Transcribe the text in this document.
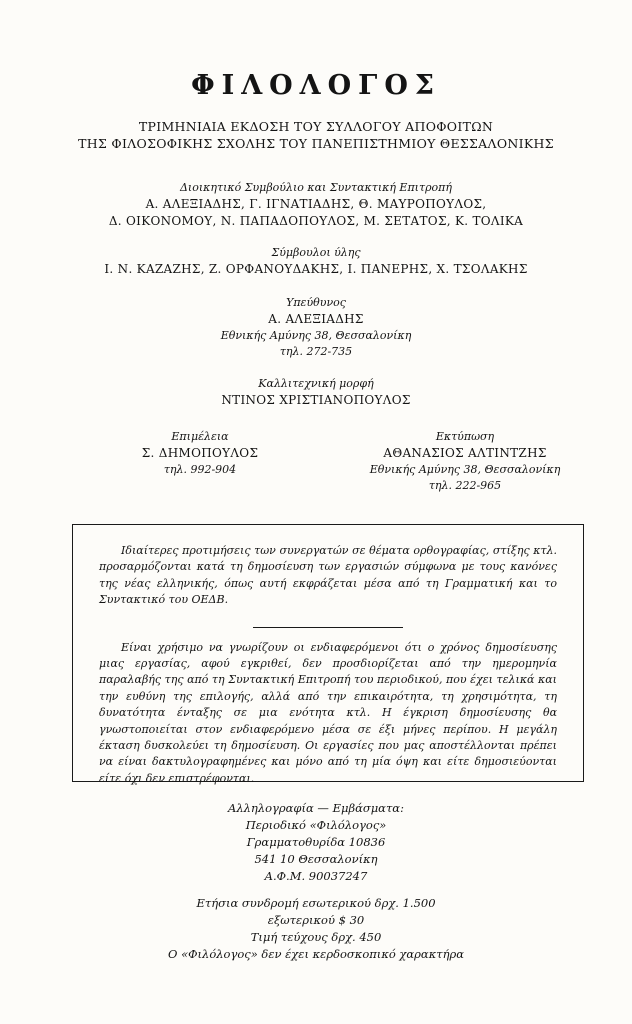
ΦΙΛΟΛΟΓΟΣ
ΤΡΙΜΗΝΙΑΙΑ ΕΚΔΟΣΗ ΤΟΥ ΣΥΛΛΟΓΟΥ ΑΠΟΦΟΙΤΩΝ
ΤΗΣ ΦΙΛΟΣΟΦΙΚΗΣ ΣΧΟΛΗΣ ΤΟΥ ΠΑΝΕΠΙΣΤΗΜΙΟΥ ΘΕΣΣΑΛΟΝΙΚΗΣ
Διοικητικό Συμβούλιο και Συντακτική Επιτροπή
Α. ΑΛΕΞΙΑΔΗΣ, Γ. ΙΓΝΑΤΙΑΔΗΣ, Θ. ΜΑΥΡΟΠΟΥΛΟΣ,
Δ. ΟΙΚΟΝΟΜΟΥ, Ν. ΠΑΠΑΔΟΠΟΥΛΟΣ, Μ. ΣΕΤΑΤΟΣ, Κ. ΤΟΛΙΚΑ
Σύμβουλοι ύλης
Ι. Ν. ΚΑΖΑΖΗΣ, Ζ. ΟΡΦΑΝΟΥΔΑΚΗΣ, Ι. ΠΑΝΕΡΗΣ, Χ. ΤΣΟΛΑΚΗΣ
Υπεύθυνος
Α. ΑΛΕΞΙΑΔΗΣ
Εθνικής Αμύνης 38, Θεσσαλονίκη
τηλ. 272-735
Καλλιτεχνική μορφή
ΝΤΙΝΟΣ ΧΡΙΣΤΙΑΝΟΠΟΥΛΟΣ
Επιμέλεια
Σ. ΔΗΜΟΠΟΥΛΟΣ
τηλ. 992-904
Εκτύπωση
ΑΘΑΝΑΣΙΟΣ ΑΛΤΙΝΤΖΗΣ
Εθνικής Αμύνης 38, Θεσσαλονίκη
τηλ. 222-965

Ιδιαίτερες προτιμήσεις των συνεργατών σε θέματα ορθογραφίας, στίξης κτλ. προσαρμόζονται κατά τη δημοσίευση των εργασιών σύμφωνα με τους κανόνες της νέας ελληνικής, όπως αυτή εκφράζεται μέσα από τη Γραμματική και το Συντακτικό του ΟΕΔΒ.

Είναι χρήσιμο να γνωρίζουν οι ενδιαφερόμενοι ότι ο χρόνος δημοσίευσης μιας εργασίας, αφού εγκριθεί, δεν προσδιορίζεται από την ημερομηνία παραλαβής της από τη Συντακτική Επιτροπή του περιοδικού, που έχει τελικά και την ευθύνη της επιλογής, αλλά από την επικαιρότητα, τη χρησιμότητα, τη δυνατότητα ένταξης σε μια ενότητα κτλ. Η έγκριση δημοσίευσης θα γνωστοποιείται στον ενδιαφερόμενο μέσα σε έξι μήνες περίπου. Η μεγάλη έκταση δυσκολεύει τη δημοσίευση. Οι εργασίες που μας αποστέλλονται πρέπει να είναι δακτυλογραφημένες και μόνο από τη μία όψη και είτε δημοσιεύονται είτε όχι δεν επιστρέφονται.

Αλληλογραφία — Εμβάσματα:
Περιοδικό «Φιλόλογος»
Γραμματοθυρίδα 10836
541 10 Θεσσαλονίκη
Α.Φ.Μ. 90037247
Ετήσια συνδρομή εσωτερικού δρχ. 1.500
εξωτερικού $ 30
Τιμή τεύχους δρχ. 450
Ο «Φιλόλογος» δεν έχει κερδοσκοπικό χαρακτήρα
